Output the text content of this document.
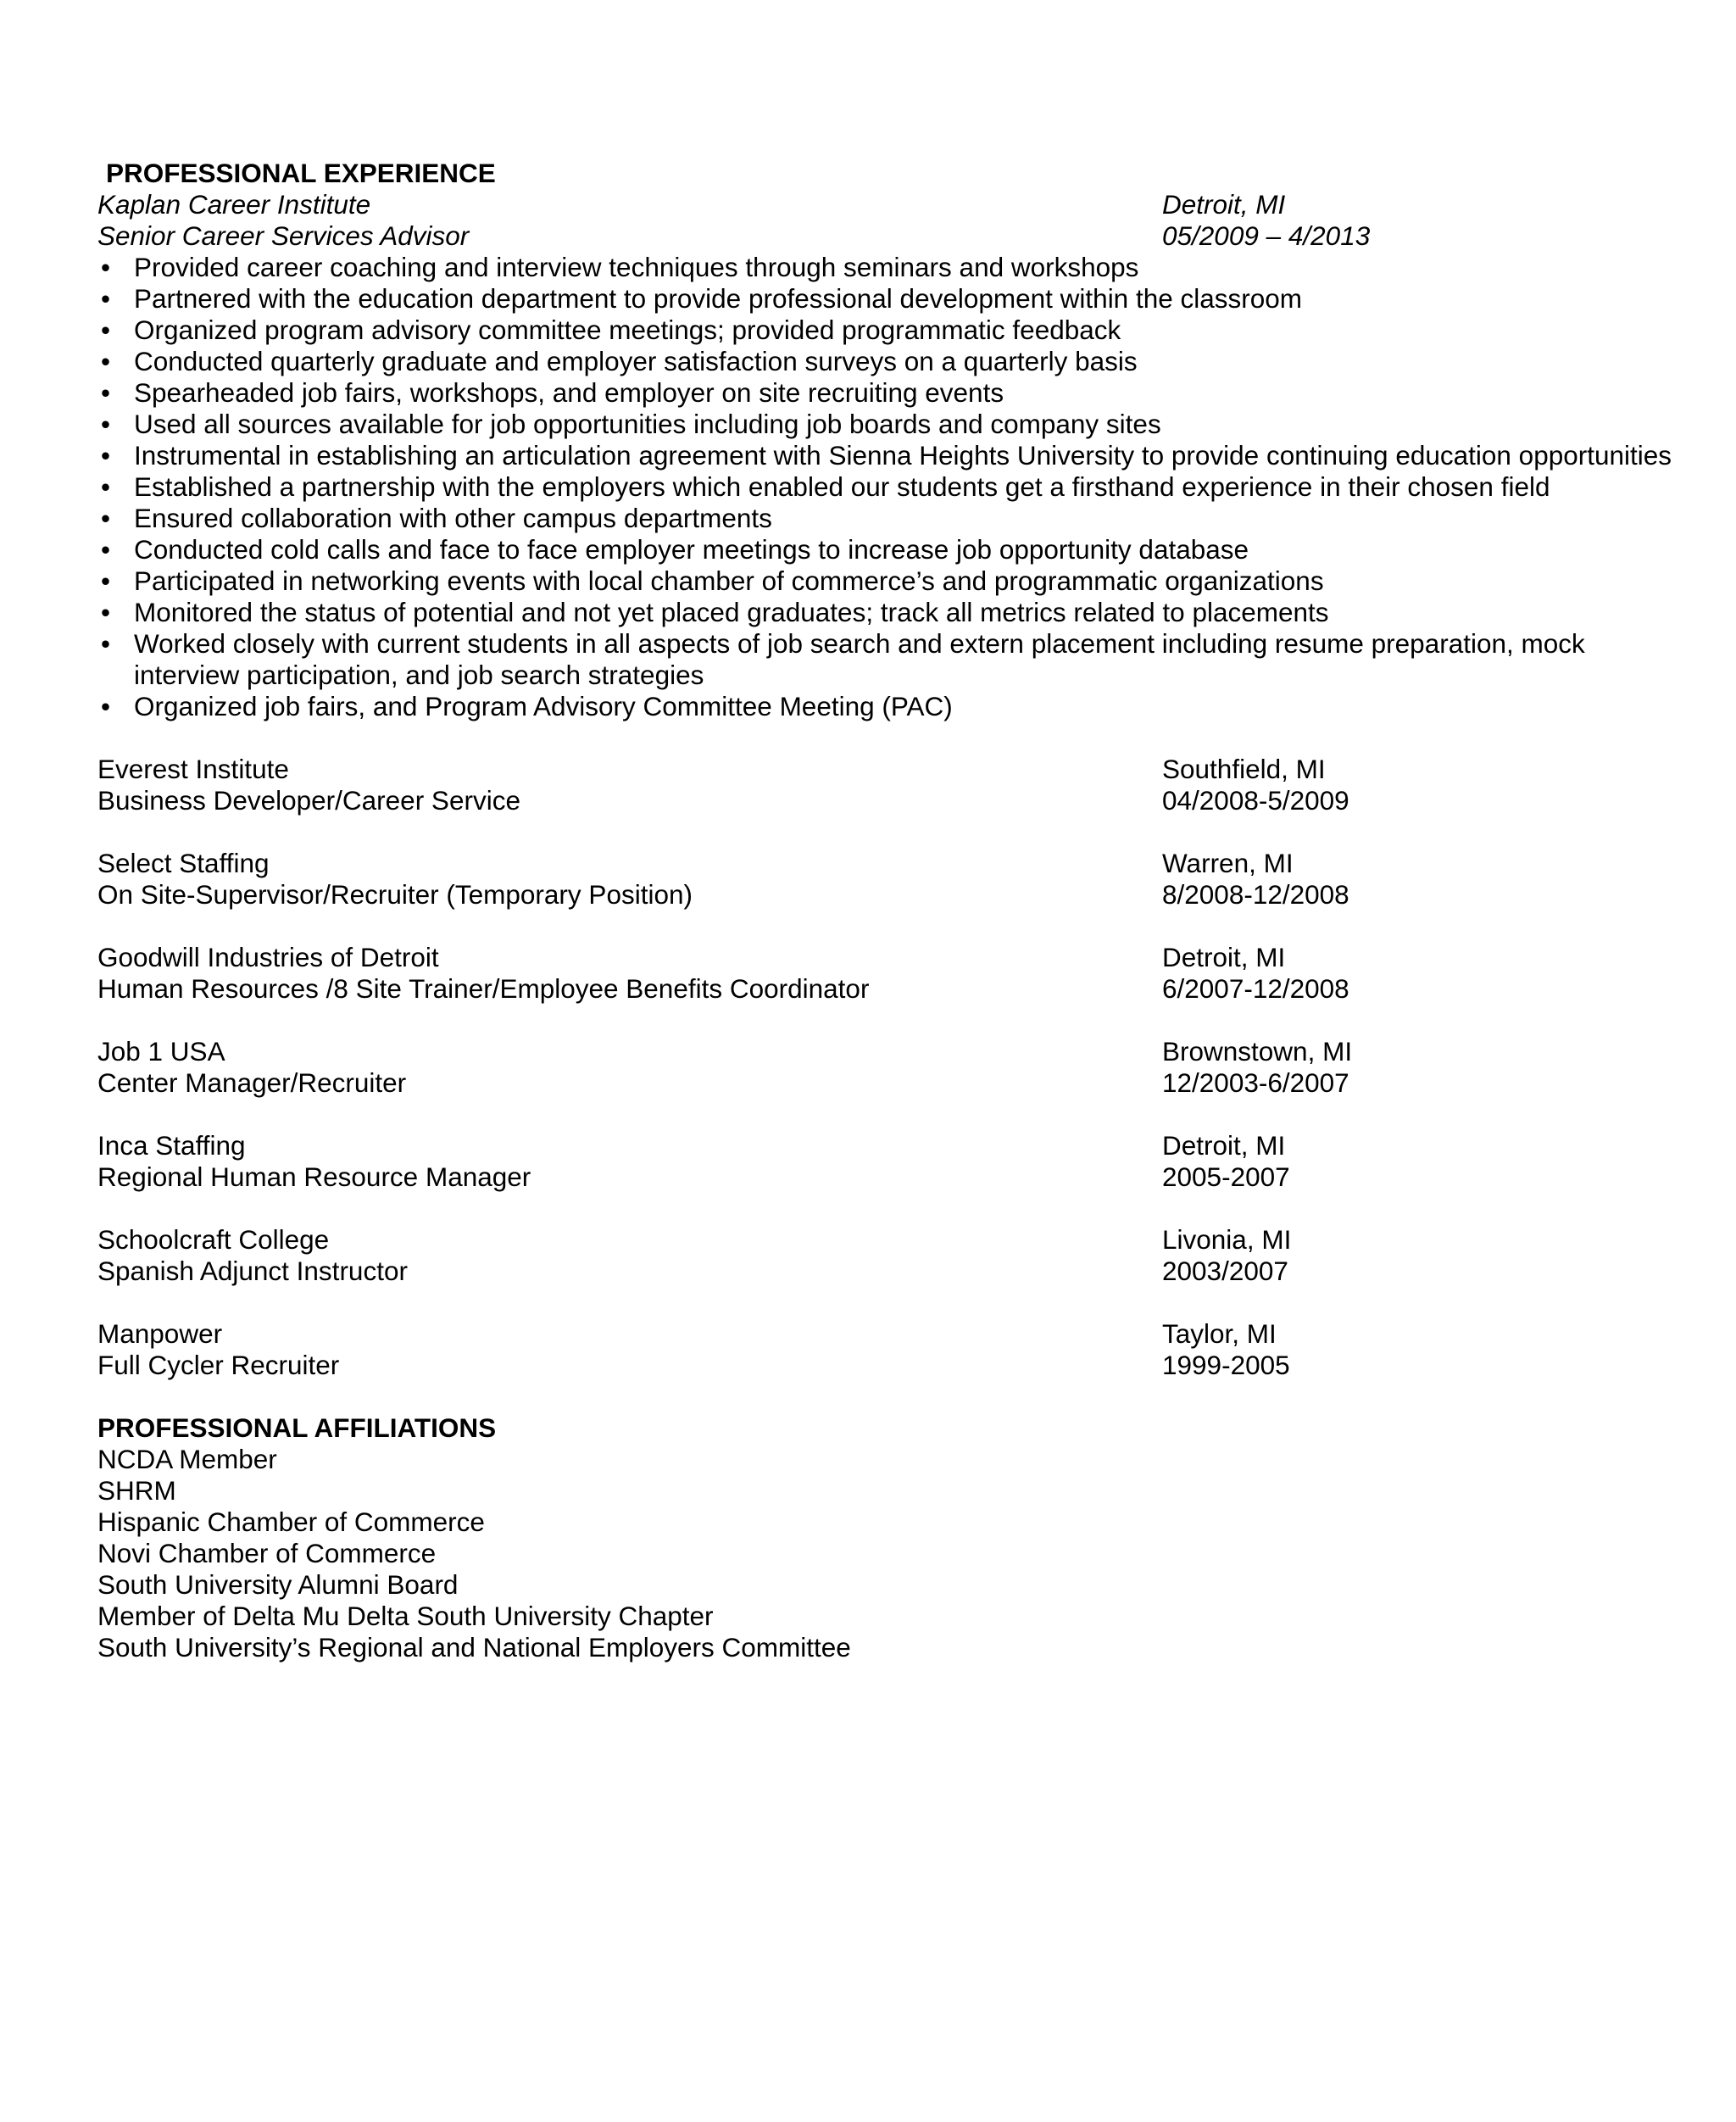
PROFESSIONAL EXPERIENCE
Kaplan Career Institute	Detroit, MI
Senior Career Services Advisor	05/2009 – 4/2013
• Provided career coaching and interview techniques through seminars and workshops
• Partnered with the education department to provide professional development within the classroom
• Organized program advisory committee meetings; provided programmatic feedback
• Conducted quarterly graduate and employer satisfaction surveys on a quarterly basis
• Spearheaded job fairs, workshops, and employer on site recruiting events
• Used all sources available for job opportunities including job boards and company sites
• Instrumental in establishing an articulation agreement with Sienna Heights University to provide continuing education opportunities
• Established a partnership with the employers which enabled our students get a firsthand experience in their chosen field
• Ensured collaboration with other campus departments
• Conducted cold calls and face to face employer meetings to increase job opportunity database
• Participated in networking events with local chamber of commerce’s and programmatic organizations
• Monitored the status of potential and not yet placed graduates; track all metrics related to placements
• Worked closely with current students in all aspects of job search and extern placement including resume preparation, mock interview participation, and job search strategies
• Organized job fairs, and Program Advisory Committee Meeting (PAC)
Everest Institute	Southfield, MI
Business Developer/Career Service	04/2008-5/2009
Select Staffing	Warren, MI
On Site-Supervisor/Recruiter (Temporary Position)	8/2008-12/2008
Goodwill Industries of Detroit	Detroit, MI
Human Resources /8 Site Trainer/Employee Benefits Coordinator	6/2007-12/2008
Job 1 USA	Brownstown, MI
Center Manager/Recruiter	12/2003-6/2007
Inca Staffing	Detroit, MI
Regional Human Resource Manager	2005-2007
Schoolcraft College	Livonia, MI
Spanish Adjunct Instructor	2003/2007
Manpower	Taylor, MI
Full Cycler Recruiter	1999-2005
PROFESSIONAL AFFILIATIONS
NCDA Member
SHRM
Hispanic Chamber of Commerce
Novi Chamber of Commerce
South University Alumni Board
Member of Delta Mu Delta South University Chapter
South University’s Regional and National Employers Committee
